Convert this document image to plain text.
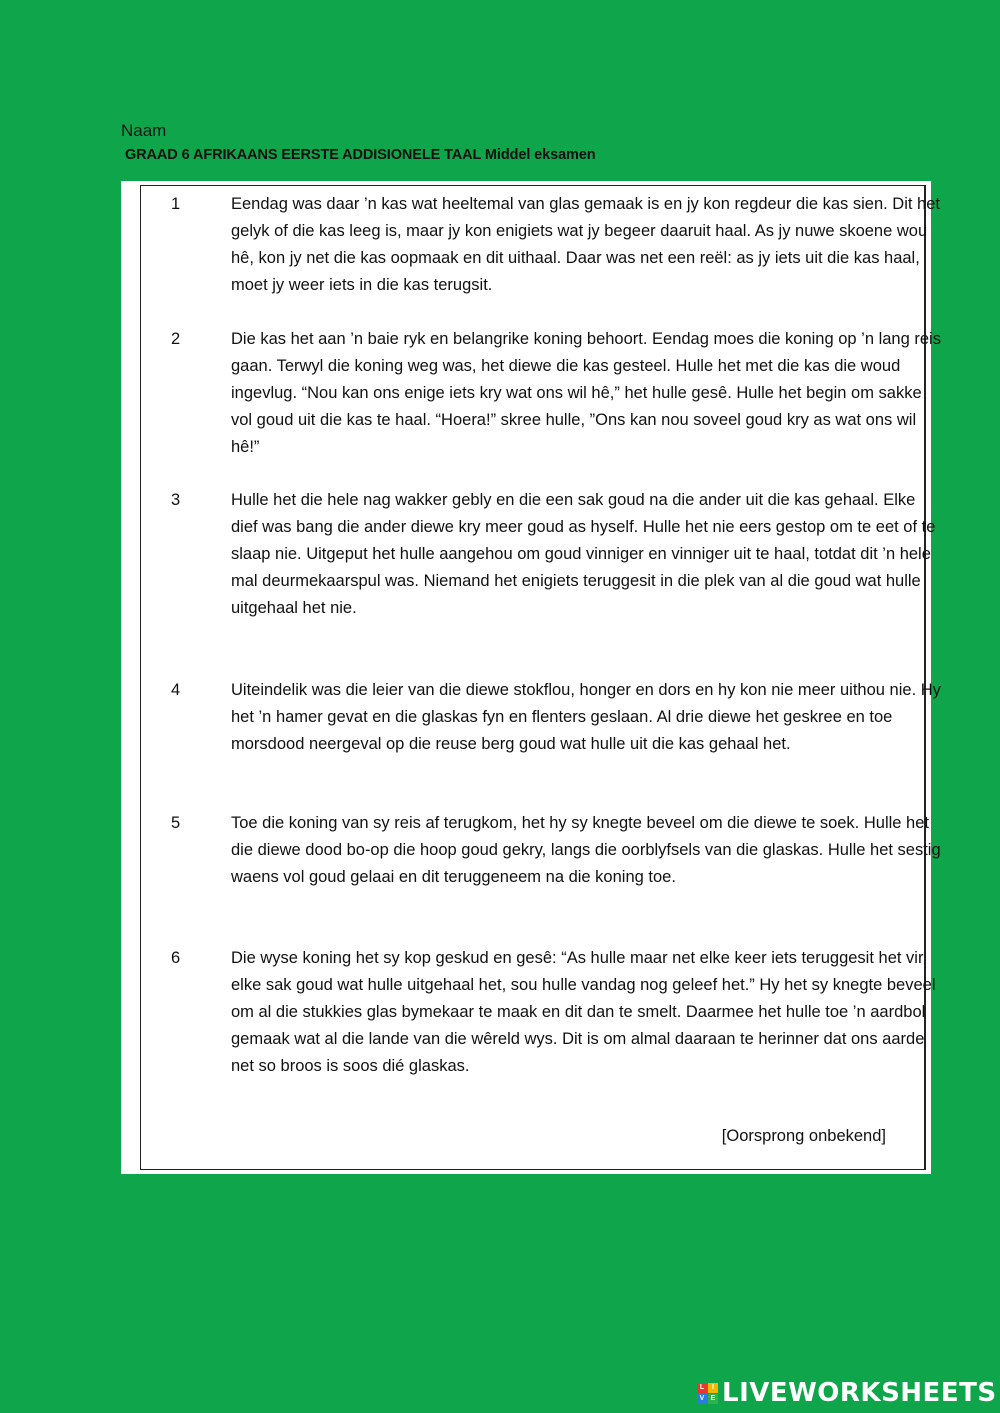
Naam
GRAAD 6 AFRIKAANS EERSTE ADDISIONELE TAAL Middel eksamen
1	Eendag was daar ’n kas wat heeltemal van glas gemaak is en jy kon regdeur die kas sien. Dit het gelyk of die kas leeg is, maar jy kon enigiets wat jy begeer daaruit haal. As jy nuwe skoene wou hê, kon jy net die kas oopmaak en dit uithaal. Daar was net een reël: as jy iets uit die kas haal, moet jy weer iets in die kas terugsit.
2	Die kas het aan ’n baie ryk en belangrike koning behoort. Eendag moes die koning op ’n lang reis gaan. Terwyl die koning weg was, het diewe die kas gesteel. Hulle het met die kas die woud ingevlug. “Nou kan ons enige iets kry wat ons wil hê,” het hulle gesê. Hulle het begin om sakke vol goud uit die kas te haal. “Hoera!” skree hulle, ”Ons kan nou soveel goud kry as wat ons wil hê!”
3	Hulle het die hele nag wakker gebly en die een sak goud na die ander uit die kas gehaal. Elke dief was bang die ander diewe kry meer goud as hyself. Hulle het nie eers gestop om te eet of te slaap nie. Uitgeput het hulle aangehou om goud vinniger en vinniger uit te haal, totdat dit ’n hele mal deurmekaarspul was. Niemand het enigiets teruggesit in die plek van al die goud wat hulle uitgehaal het nie.
4	Uiteindelik was die leier van die diewe stokflou, honger en dors en hy kon nie meer uithou nie. Hy het ’n hamer gevat en die glaskas fyn en flenters geslaan. Al drie diewe het geskree en toe morsdood neergeval op die reuse berg goud wat hulle uit die kas gehaal het.
5	Toe die koning van sy reis af terugkom, het hy sy knegte beveel om die diewe te soek. Hulle het die diewe dood bo-op die hoop goud gekry, langs die oorblyfsels van die glaskas. Hulle het sestig waens vol goud gelaai en dit teruggeneem na die koning toe.
6	Die wyse koning het sy kop geskud en gesê: “As hulle maar net elke keer iets teruggesit het vir elke sak goud wat hulle uitgehaal het, sou hulle vandag nog geleef het.” Hy het sy knegte beveel om al die stukkies glas bymekaar te maak en dit dan te smelt. Daarmee het hulle toe ’n aardbol gemaak wat al die lande van die wêreld wys. Dit is om almal daaraan te herinner dat ons aarde net so broos is soos dié glaskas.
[Oorsprong onbekend]
L	I
V E LIVEWORKSHEETS
